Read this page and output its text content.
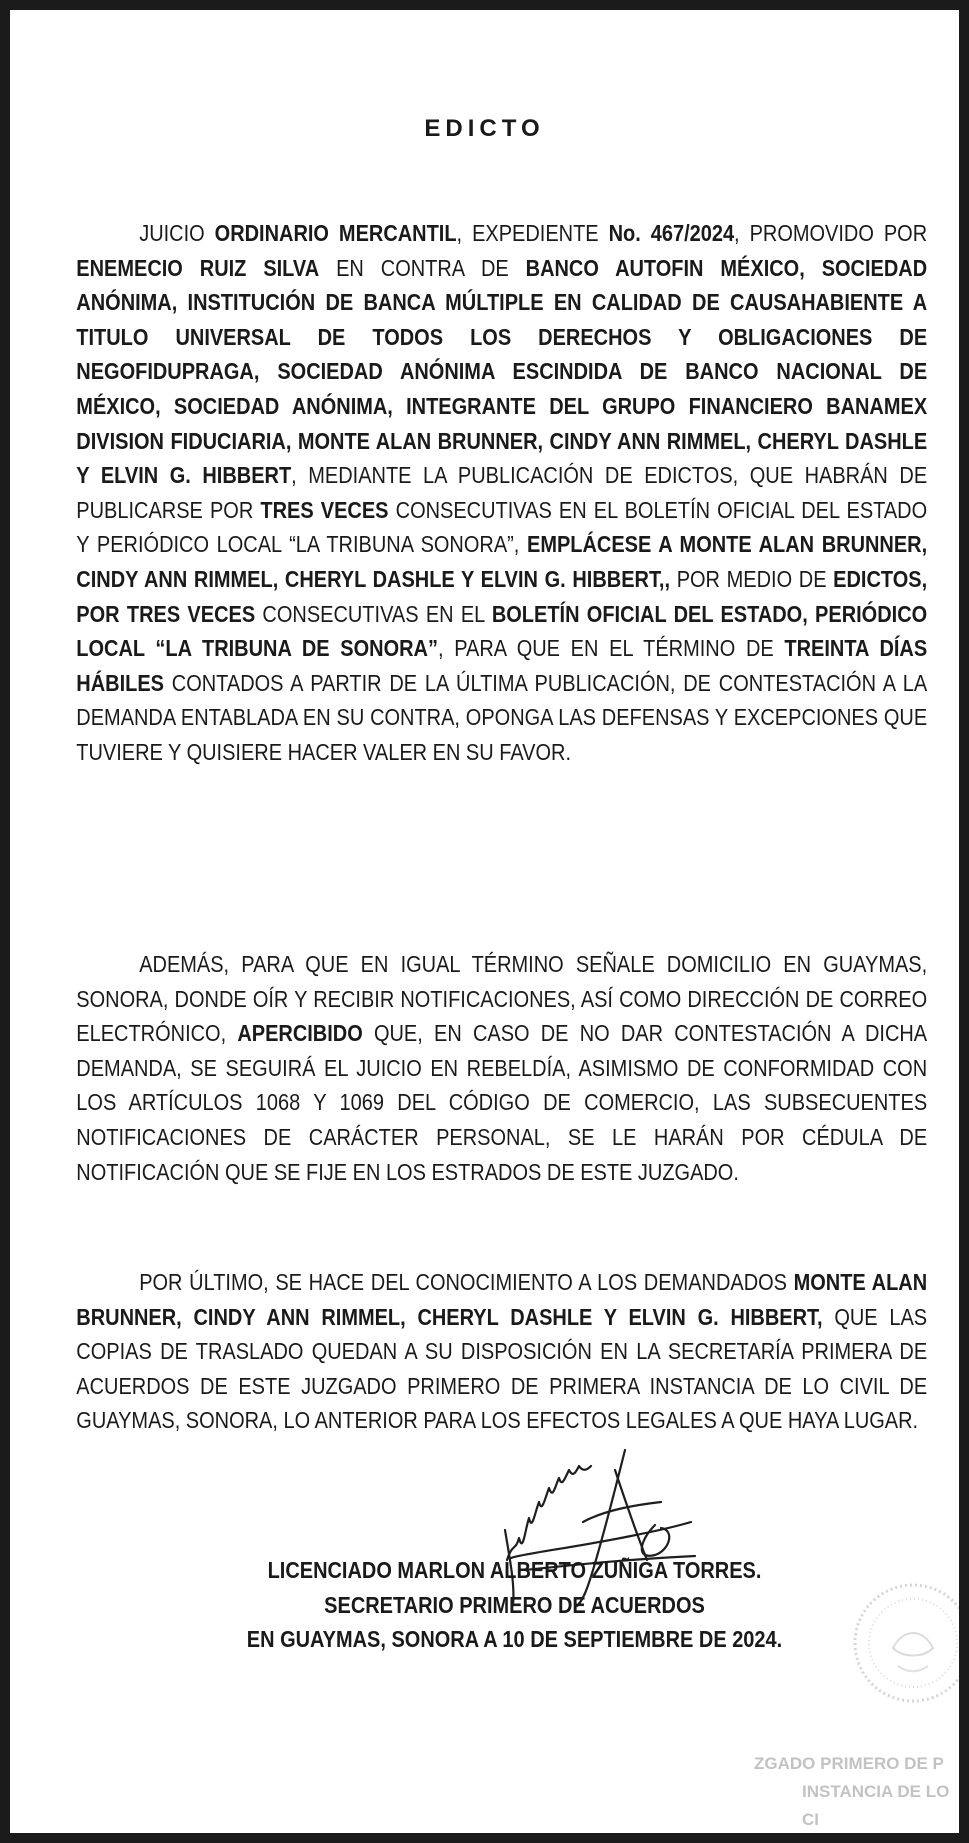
EDICTO

JUICIO ORDINARIO MERCANTIL, EXPEDIENTE No. 467/2024, PROMOVIDO POR ENEMECIO RUIZ SILVA EN CONTRA DE BANCO AUTOFIN MÉXICO, SOCIEDAD ANÓNIMA, INSTITUCIÓN DE BANCA MÚLTIPLE EN CALIDAD DE CAUSAHABIENTE A TITULO UNIVERSAL DE TODOS LOS DERECHOS Y OBLIGACIONES DE NEGOFIDUPRAGA, SOCIEDAD ANÓNIMA ESCINDIDA DE BANCO NACIONAL DE MÉXICO, SOCIEDAD ANÓNIMA, INTEGRANTE DEL GRUPO FINANCIERO BANAMEX DIVISION FIDUCIARIA, MONTE ALAN BRUNNER, CINDY ANN RIMMEL, CHERYL DASHLE Y ELVIN G. HIBBERT, MEDIANTE LA PUBLICACIÓN DE EDICTOS, QUE HABRÁN DE PUBLICARSE POR TRES VECES CONSECUTIVAS EN EL BOLETÍN OFICIAL DEL ESTADO Y PERIÓDICO LOCAL “LA TRIBUNA SONORA”, EMPLÁCESE A MONTE ALAN BRUNNER, CINDY ANN RIMMEL, CHERYL DASHLE Y ELVIN G. HIBBERT,, POR MEDIO DE EDICTOS, POR TRES VECES CONSECUTIVAS EN EL BOLETÍN OFICIAL DEL ESTADO, PERIÓDICO LOCAL “LA TRIBUNA DE SONORA”, PARA QUE EN EL TÉRMINO DE TREINTA DÍAS HÁBILES CONTADOS A PARTIR DE LA ÚLTIMA PUBLICACIÓN, DE CONTESTACIÓN A LA DEMANDA ENTABLADA EN SU CONTRA, OPONGA LAS DEFENSAS Y EXCEPCIONES QUE TUVIERE Y QUISIERE HACER VALER EN SU FAVOR.

ADEMÁS, PARA QUE EN IGUAL TÉRMINO SEÑALE DOMICILIO EN GUAYMAS, SONORA, DONDE OÍR Y RECIBIR NOTIFICACIONES, ASÍ COMO DIRECCIÓN DE CORREO ELECTRÓNICO, APERCIBIDO QUE, EN CASO DE NO DAR CONTESTACIÓN A DICHA DEMANDA, SE SEGUIRÁ EL JUICIO EN REBELDÍA, ASIMISMO DE CONFORMIDAD CON LOS ARTÍCULOS 1068 Y 1069 DEL CÓDIGO DE COMERCIO, LAS SUBSECUENTES NOTIFICACIONES DE CARÁCTER PERSONAL, SE LE HARÁN POR CÉDULA DE NOTIFICACIÓN QUE SE FIJE EN LOS ESTRADOS DE ESTE JUZGADO.

POR ÚLTIMO, SE HACE DEL CONOCIMIENTO A LOS DEMANDADOS MONTE ALAN BRUNNER, CINDY ANN RIMMEL, CHERYL DASHLE Y ELVIN G. HIBBERT, QUE LAS COPIAS DE TRASLADO QUEDAN A SU DISPOSICIÓN EN LA SECRETARÍA PRIMERA DE ACUERDOS DE ESTE JUZGADO PRIMERO DE PRIMERA INSTANCIA DE LO CIVIL DE GUAYMAS, SONORA, LO ANTERIOR PARA LOS EFECTOS LEGALES A QUE HAYA LUGAR.

LICENCIADO MARLON ALBERTO ZUÑIGA TORRES.
SECRETARIO PRIMERO DE ACUERDOS
EN GUAYMAS, SONORA A 10 DE SEPTIEMBRE DE 2024.
ZGADO PRIMERO DE P
INSTANCIA DE LO CI
